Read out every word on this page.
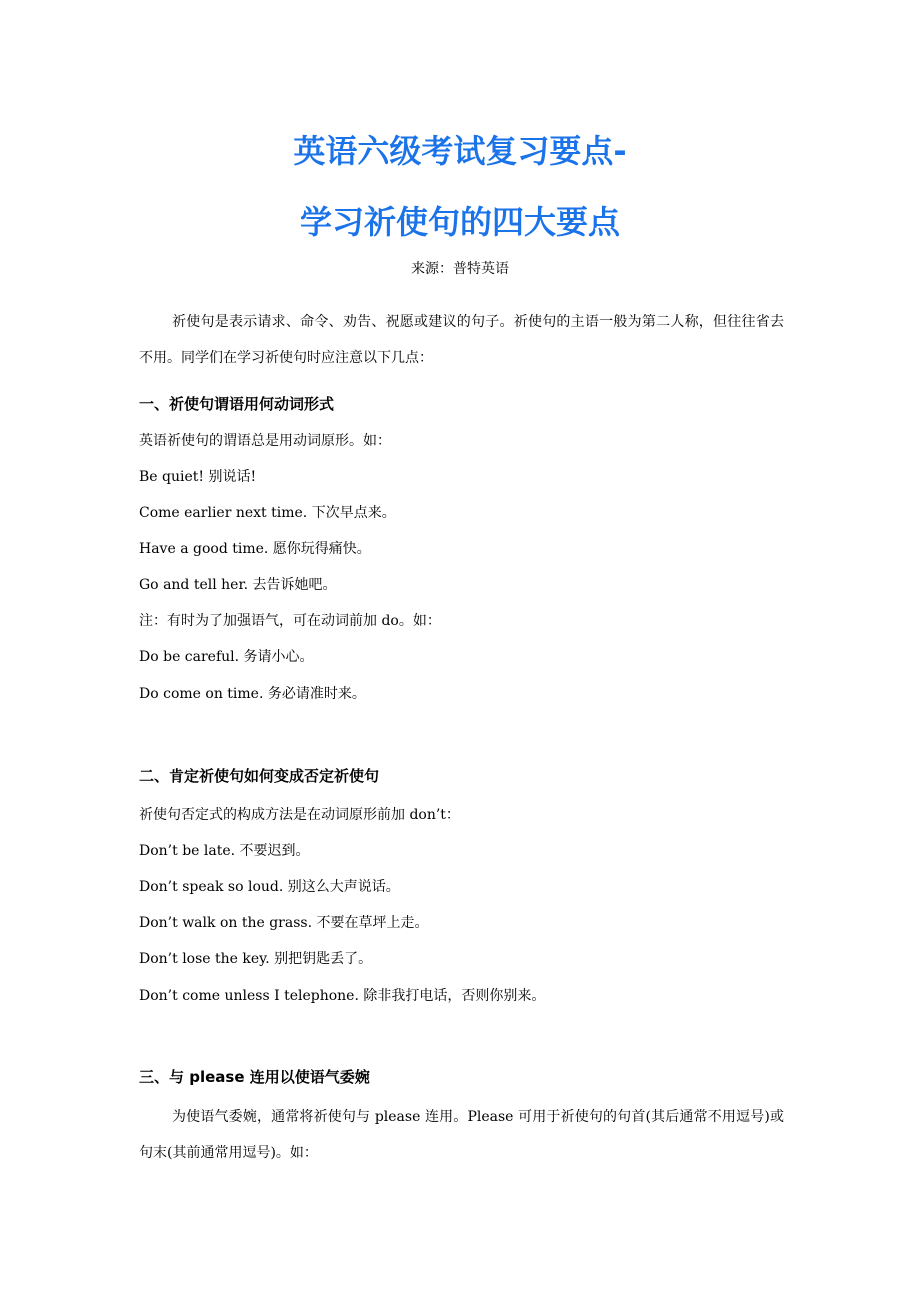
英语六级考试复习要点-
学习祈使句的四大要点
来源：普特英语
祈使句是表示请求、命令、劝告、祝愿或建议的句子。祈使句的主语一般为第二人称，但往往省去不用。同学们在学习祈使句时应注意以下几点：
一、祈使句谓语用何动词形式
英语祈使句的谓语总是用动词原形。如：
Be quiet! 别说话!
Come earlier next time. 下次早点来。
Have a good time. 愿你玩得痛快。
Go and tell her. 去告诉她吧。
注：有时为了加强语气，可在动词前加 do。如：
Do be careful. 务请小心。
Do come on time. 务必请准时来。
二、肯定祈使句如何变成否定祈使句
祈使句否定式的构成方法是在动词原形前加 don’t：
Don’t be late. 不要迟到。
Don’t speak so loud. 别这么大声说话。
Don’t walk on the grass. 不要在草坪上走。
Don’t lose the key. 别把钥匙丢了。
Don’t come unless I telephone. 除非我打电话，否则你别来。
三、与 please 连用以使语气委婉
为使语气委婉，通常将祈使句与 please 连用。Please 可用于祈使句的句首(其后通常不用逗号)或句末(其前通常用逗号)。如：
